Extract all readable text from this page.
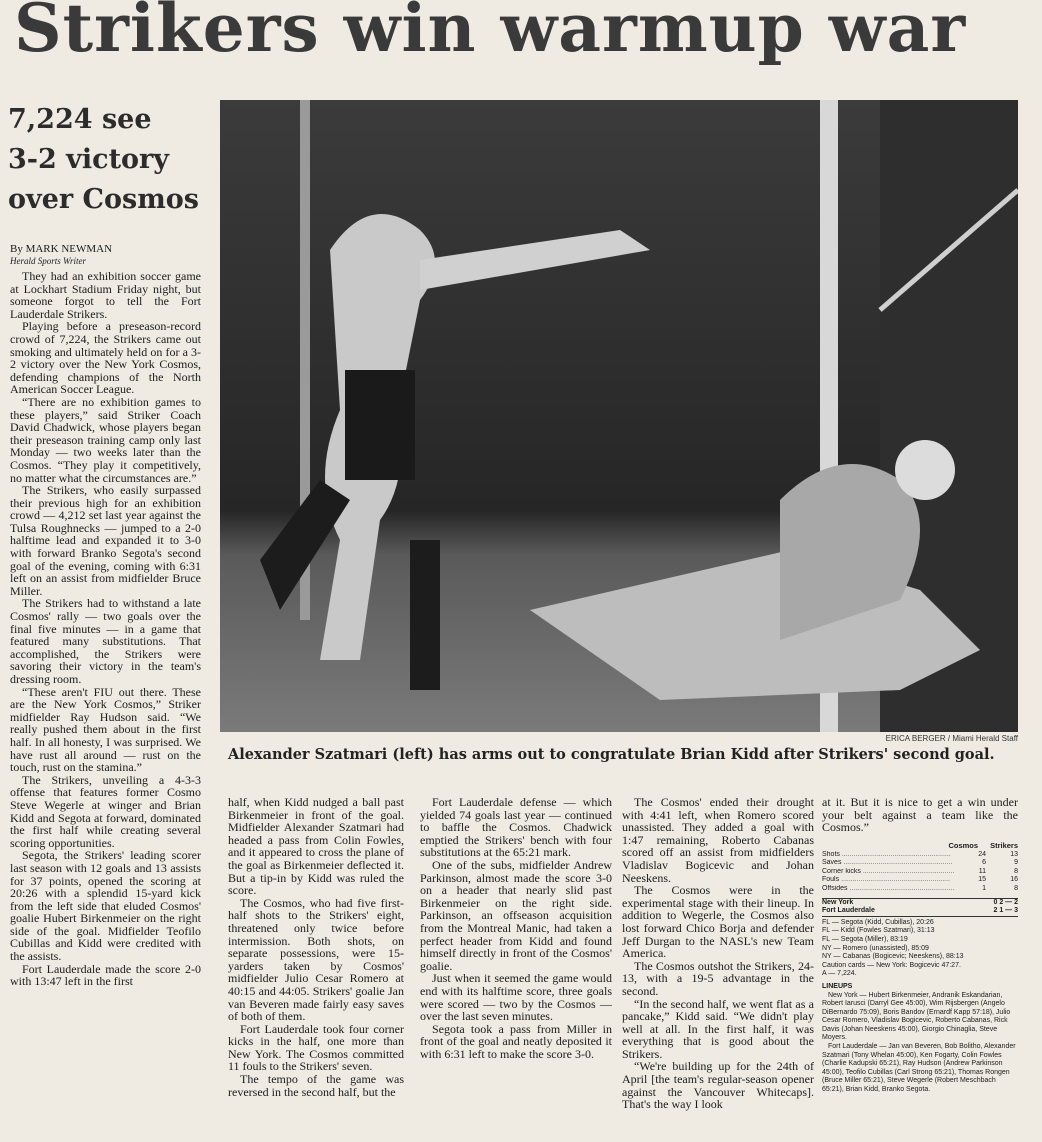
Strikers win warmup war
7,224 see
3-2 victory
over Cosmos
By MARK NEWMAN
Herald Sports Writer

They had an exhibition soccer game at Lockhart Stadium Friday night, but someone forgot to tell the Fort Lauderdale Strikers.

Playing before a preseason-record crowd of 7,224, the Strikers came out smoking and ultimately held on for a 3-2 victory over the New York Cosmos, defending champions of the North American Soccer League.

“There are no exhibition games to these players,” said Striker Coach David Chadwick, whose players began their preseason training camp only last Monday — two weeks later than the Cosmos. “They play it competitively, no matter what the circumstances are.”

The Strikers, who easily surpassed their previous high for an exhibition crowd — 4,212 set last year against the Tulsa Roughnecks — jumped to a 2-0 halftime lead and expanded it to 3-0 with forward Branko Segota's second goal of the evening, coming with 6:31 left on an assist from midfielder Bruce Miller.

The Strikers had to withstand a late Cosmos' rally — two goals over the final five minutes — in a game that featured many substitutions. That accomplished, the Strikers were savoring their victory in the team's dressing room.

“These aren't FIU out there. These are the New York Cosmos,” Striker midfielder Ray Hudson said. “We really pushed them about in the first half. In all honesty, I was surprised. We have rust all around — rust on the touch, rust on the stamina.”

The Strikers, unveiling a 4-3-3 offense that features former Cosmo Steve Wegerle at winger and Brian Kidd and Segota at forward, dominated the first half while creating several scoring opportunities.

Segota, the Strikers' leading scorer last season with 12 goals and 13 assists for 37 points, opened the scoring at 20:26 with a splendid 15-yard kick from the left side that eluded Cosmos' goalie Hubert Birkenmeier on the right side of the goal. Midfielder Teofilo Cubillas and Kidd were credited with the assists.

Fort Lauderdale made the score 2-0 with 13:47 left in the first

ERICA BERGER / Miami Herald Staff
Alexander Szatmari (left) has arms out to congratulate Brian Kidd after Strikers' second goal.

half, when Kidd nudged a ball past Birkenmeier in front of the goal. Midfielder Alexander Szatmari had headed a pass from Colin Fowles, and it appeared to cross the plane of the goal as Birkenmeier deflected it. But a tip-in by Kidd was ruled the score.

The Cosmos, who had five first-half shots to the Strikers' eight, threatened only twice before intermission. Both shots, on separate possessions, were 15-yarders taken by Cosmos' midfielder Julio Cesar Romero at 40:15 and 44:05. Strikers' goalie Jan van Beveren made fairly easy saves of both of them.

Fort Lauderdale took four corner kicks in the half, one more than New York. The Cosmos committed 11 fouls to the Strikers' seven.

The tempo of the game was reversed in the second half, but the

Fort Lauderdale defense — which yielded 74 goals last year — continued to baffle the Cosmos. Chadwick emptied the Strikers' bench with four substitutions at the 65:21 mark.

One of the subs, midfielder Andrew Parkinson, almost made the score 3-0 on a header that nearly slid past Birkenmeier on the right side. Parkinson, an offseason acquisition from the Montreal Manic, had taken a perfect header from Kidd and found himself directly in front of the Cosmos' goalie.

Just when it seemed the game would end with its halftime score, three goals were scored — two by the Cosmos — over the last seven minutes.

Segota took a pass from Miller in front of the goal and neatly deposited it with 6:31 left to make the score 3-0.

The Cosmos' ended their drought with 4:41 left, when Romero scored unassisted. They added a goal with 1:47 remaining, Roberto Cabanas scored off an assist from midfielders Vladislav Bogicevic and Johan Neeskens.

The Cosmos were in the experimental stage with their lineup. In addition to Wegerle, the Cosmos also lost forward Chico Borja and defender Jeff Durgan to the NASL's new Team America.

The Cosmos outshot the Strikers, 24-13, with a 19-5 advantage in the second.

“In the second half, we went flat as a pancake,” Kidd said. “We didn't play well at all. In the first half, it was everything that is good about the Strikers.

“We're building up for the 24th of April [the team's regular-season opener against the Vancouver Whitecaps]. That's the way I look

at it. But it is nice to get a win under your belt against a team like the Cosmos.”

Cosmos Strikers
Shots .....	24	13
Saves .....	6	9
Corner kicks .....	11	8
Fouls .....	15	16
Offsides .....	1	8
New York	0 2 — 2
Fort Lauderdale	2 1 — 3
FL — Segota (Kidd, Cubillas), 20:26
FL — Kidd (Fowles Szatmari), 31:13
FL — Segota (Miller), 83:19
NY — Romero (unassisted), 85:09
NY — Cabanas (Bogicevic; Neeskens), 88:13
Caution cards — New York: Bogicevic 47:27.
A — 7,224.
LINEUPS
New York — Hubert Birkenmeier, Andranik Eskandarian, Robert Iarusci (Darryl Gee 45:00), Wim Rijsbergen (Angelo DiBernardo 75:09), Boris Bandov (Ernardf Kapp 57:18), Julio Cesar Romero, Vladislav Bogicevic, Roberto Cabanas, Rick Davis (Johan Neeskens 45:00), Giorgio Chinaglia, Steve Moyers.
Fort Lauderdale — Jan van Beveren, Bob Bolitho, Alexander Szatmari (Tony Whelan 45:00), Ken Fogarty, Colin Fowles (Charlie Kadupski 65:21), Ray Hudson (Andrew Parkinson 45:00), Teofilo Cubillas (Carl Strong 65:21), Thomas Rongen (Bruce Miller 65:21), Steve Wegerle (Robert Meschbach 65:21), Brian Kidd, Branko Segota.
